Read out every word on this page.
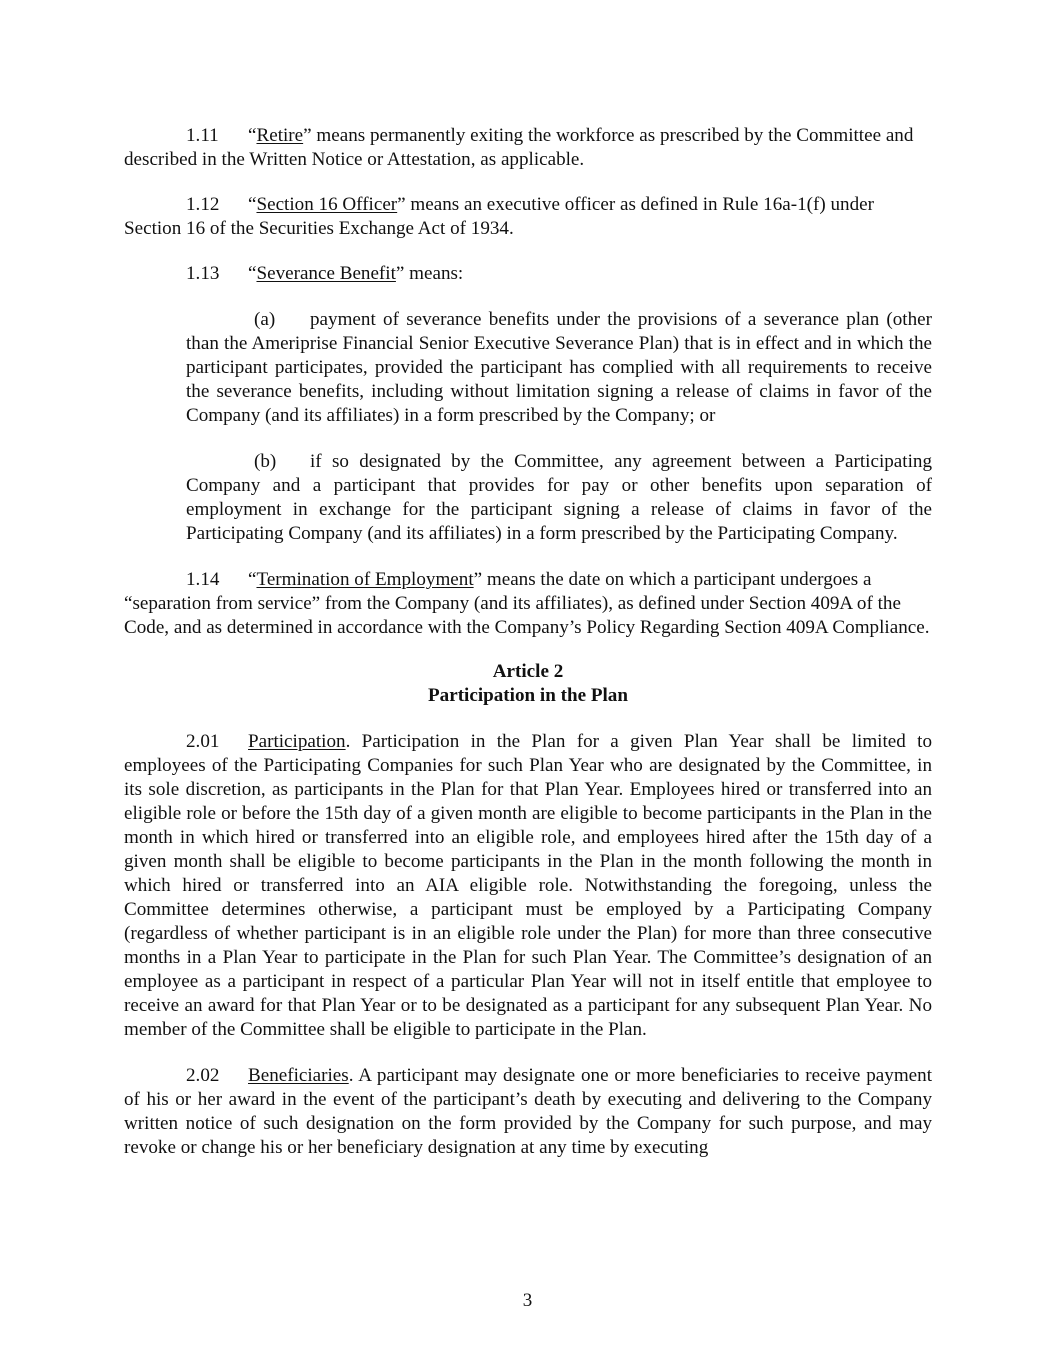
1.11 “Retire” means permanently exiting the workforce as prescribed by the Committee and described in the Written Notice or Attestation, as applicable.

1.12 “Section 16 Officer” means an executive officer as defined in Rule 16a-1(f) under Section 16 of the Securities Exchange Act of 1934.

1.13 “Severance Benefit” means:

(a) payment of severance benefits under the provisions of a severance plan (other than the Ameriprise Financial Senior Executive Severance Plan) that is in effect and in which the participant participates, provided the participant has complied with all requirements to receive the severance benefits, including without limitation signing a release of claims in favor of the Company (and its affiliates) in a form prescribed by the Company; or

(b) if so designated by the Committee, any agreement between a Participating Company and a participant that provides for pay or other benefits upon separation of employment in exchange for the participant signing a release of claims in favor of the Participating Company (and its affiliates) in a form prescribed by the Participating Company.

1.14 “Termination of Employment” means the date on which a participant undergoes a “separation from service” from the Company (and its affiliates), as defined under Section 409A of the Code, and as determined in accordance with the Company’s Policy Regarding Section 409A Compliance.

Article 2
Participation in the Plan

2.01 Participation. Participation in the Plan for a given Plan Year shall be limited to employees of the Participating Companies for such Plan Year who are designated by the Committee, in its sole discretion, as participants in the Plan for that Plan Year. Employees hired or transferred into an eligible role or before the 15th day of a given month are eligible to become participants in the Plan in the month in which hired or transferred into an eligible role, and employees hired after the 15th day of a given month shall be eligible to become participants in the Plan in the month following the month in which hired or transferred into an AIA eligible role. Notwithstanding the foregoing, unless the Committee determines otherwise, a participant must be employed by a Participating Company (regardless of whether participant is in an eligible role under the Plan) for more than three consecutive months in a Plan Year to participate in the Plan for such Plan Year. The Committee’s designation of an employee as a participant in respect of a particular Plan Year will not in itself entitle that employee to receive an award for that Plan Year or to be designated as a participant for any subsequent Plan Year. No member of the Committee shall be eligible to participate in the Plan.

2.02 Beneficiaries. A participant may designate one or more beneficiaries to receive payment of his or her award in the event of the participant’s death by executing and delivering to the Company written notice of such designation on the form provided by the Company for such purpose, and may revoke or change his or her beneficiary designation at any time by executing

3
